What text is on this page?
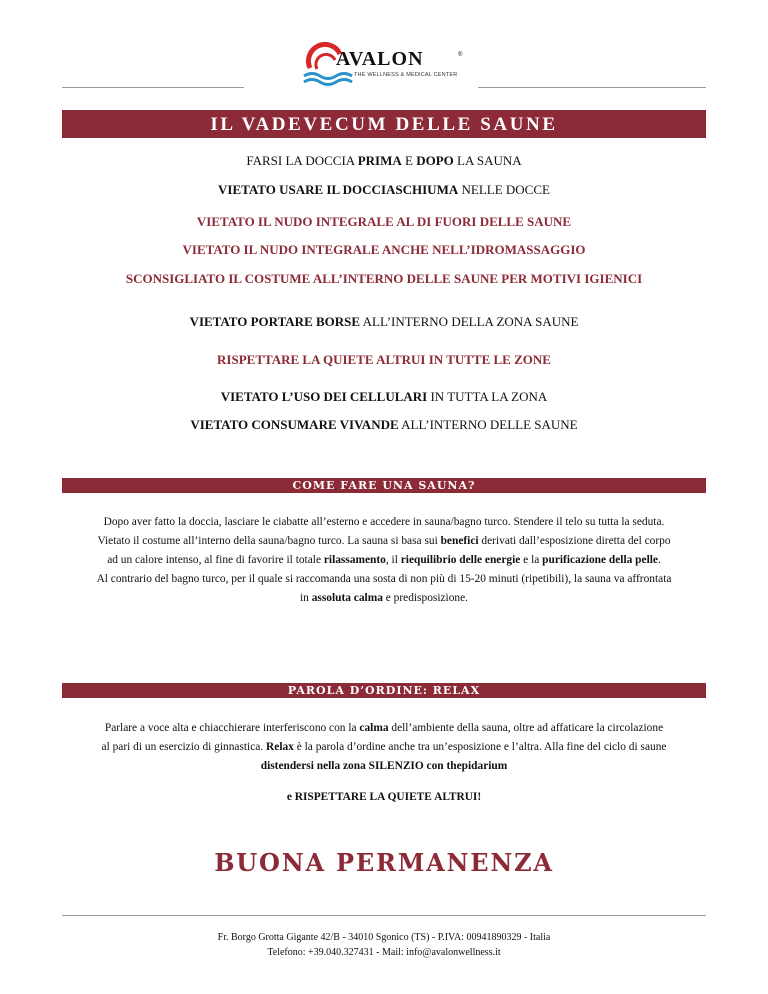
AVALON	®
THE WELLNESS & MEDICAL CENTER
IL VADEVECUM DELLE SAUNE
FARSI LA DOCCIA PRIMA E DOPO LA SAUNA
VIETATO USARE IL DOCCIASCHIUMA NELLE DOCCE
VIETATO IL NUDO INTEGRALE AL DI FUORI DELLE SAUNE
VIETATO IL NUDO INTEGRALE ANCHE NELL’IDROMASSAGGIO
SCONSIGLIATO IL COSTUME ALL’INTERNO DELLE SAUNE PER MOTIVI IGIENICI
VIETATO PORTARE BORSE ALL’INTERNO DELLA ZONA SAUNE
RISPETTARE LA QUIETE ALTRUI IN TUTTE LE ZONE
VIETATO L’USO DEI CELLULARI IN TUTTA LA ZONA
VIETATO CONSUMARE VIVANDE ALL’INTERNO DELLE SAUNE
COME FARE UNA SAUNA?

Dopo aver fatto la doccia, lasciare le ciabatte all’esterno e accedere in sauna/bagno turco. Stendere il telo su tutta la seduta.

Vietato il costume all’interno della sauna/bagno turco. La sauna si basa sui benefici derivati dall’esposizione diretta del corpo

ad un calore intenso, al fine di favorire il totale rilassamento, il riequilibrio delle energie e la purificazione della pelle.

Al contrario del bagno turco, per il quale si raccomanda una sosta di non più di 15-20 minuti (ripetibili), la sauna va affrontata

in assoluta calma e predisposizione.

PAROLA D’ORDINE: RELAX

Parlare a voce alta e chiacchierare interferiscono con la calma dell’ambiente della sauna, oltre ad affaticare la circolazione

al pari di un esercizio di ginnastica. Relax è la parola d’ordine anche tra un’esposizione e l’altra. Alla fine del ciclo di saune

distendersi nella zona SILENZIO con thepidarium

e RISPETTARE LA QUIETE ALTRUI!

BUONA PERMANENZA
Fr. Borgo Grotta Gigante 42/B - 34010 Sgonico (TS) - P.IVA: 00941890329 - Italia
Telefono: +39.040.327431 - Mail: info@avalonwellness.it
